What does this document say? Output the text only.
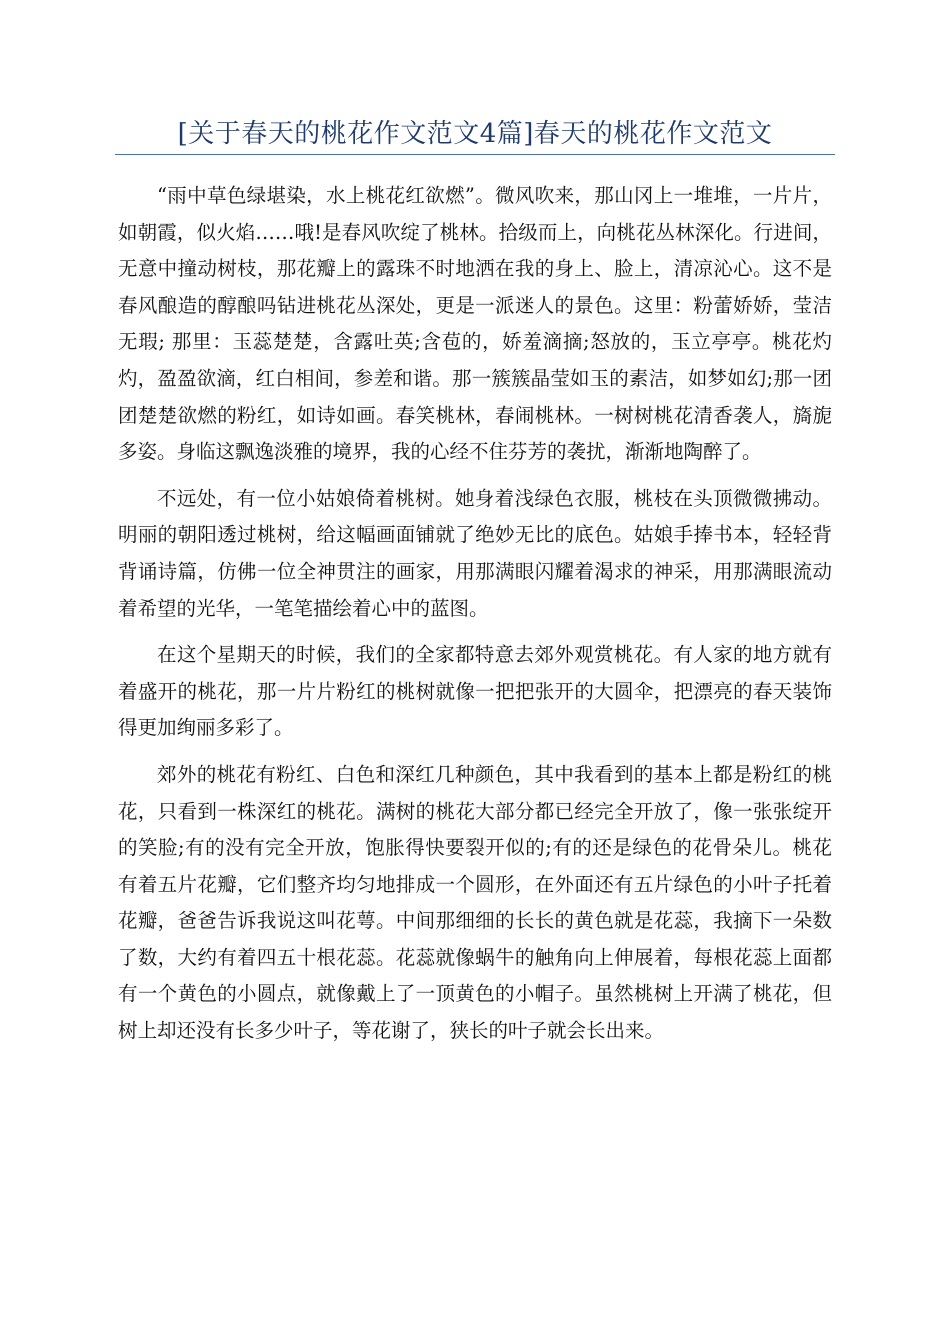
[关于春天的桃花作文范文4篇]春天的桃花作文范文

“雨中草色绿堪染，水上桃花红欲燃”。微风吹来，那山冈上一堆堆，一片片，如朝霞，似火焰……哦!是春风吹绽了桃林。拾级而上，向桃花丛林深化。行进间，无意中撞动树枝，那花瓣上的露珠不时地洒在我的身上、脸上，清凉沁心。这不是春风酿造的醇酿吗钻进桃花丛深处，更是一派迷人的景色。这里：粉蕾娇娇，莹洁无瑕; 那里：玉蕊楚楚，含露吐英;含苞的，娇羞滴摘;怒放的，玉立亭亭。桃花灼灼，盈盈欲滴，红白相间，参差和谐。那一簇簇晶莹如玉的素洁，如梦如幻;那一团团楚楚欲燃的粉红，如诗如画。春笑桃林，春闹桃林。一树树桃花清香袭人，旖旎多姿。身临这飘逸淡雅的境界，我的心经不住芬芳的袭扰，渐渐地陶醉了。

不远处，有一位小姑娘倚着桃树。她身着浅绿色衣服，桃枝在头顶微微拂动。明丽的朝阳透过桃树，给这幅画面铺就了绝妙无比的底色。姑娘手捧书本，轻轻背背诵诗篇，仿佛一位全神贯注的画家，用那满眼闪耀着渴求的神采，用那满眼流动着希望的光华，一笔笔描绘着心中的蓝图。

在这个星期天的时候，我们的全家都特意去郊外观赏桃花。有人家的地方就有着盛开的桃花，那一片片粉红的桃树就像一把把张开的大圆伞，把漂亮的春天装饰得更加绚丽多彩了。

郊外的桃花有粉红、白色和深红几种颜色，其中我看到的基本上都是粉红的桃花，只看到一株深红的桃花。满树的桃花大部分都已经完全开放了，像一张张绽开的笑脸;有的没有完全开放，饱胀得快要裂开似的;有的还是绿色的花骨朵儿。桃花有着五片花瓣，它们整齐均匀地排成一个圆形，在外面还有五片绿色的小叶子托着花瓣，爸爸告诉我说这叫花萼。中间那细细的长长的黄色就是花蕊，我摘下一朵数了数，大约有着四五十根花蕊。花蕊就像蜗牛的触角向上伸展着，每根花蕊上面都有一个黄色的小圆点，就像戴上了一顶黄色的小帽子。虽然桃树上开满了桃花，但树上却还没有长多少叶子，等花谢了，狭长的叶子就会长出来。
